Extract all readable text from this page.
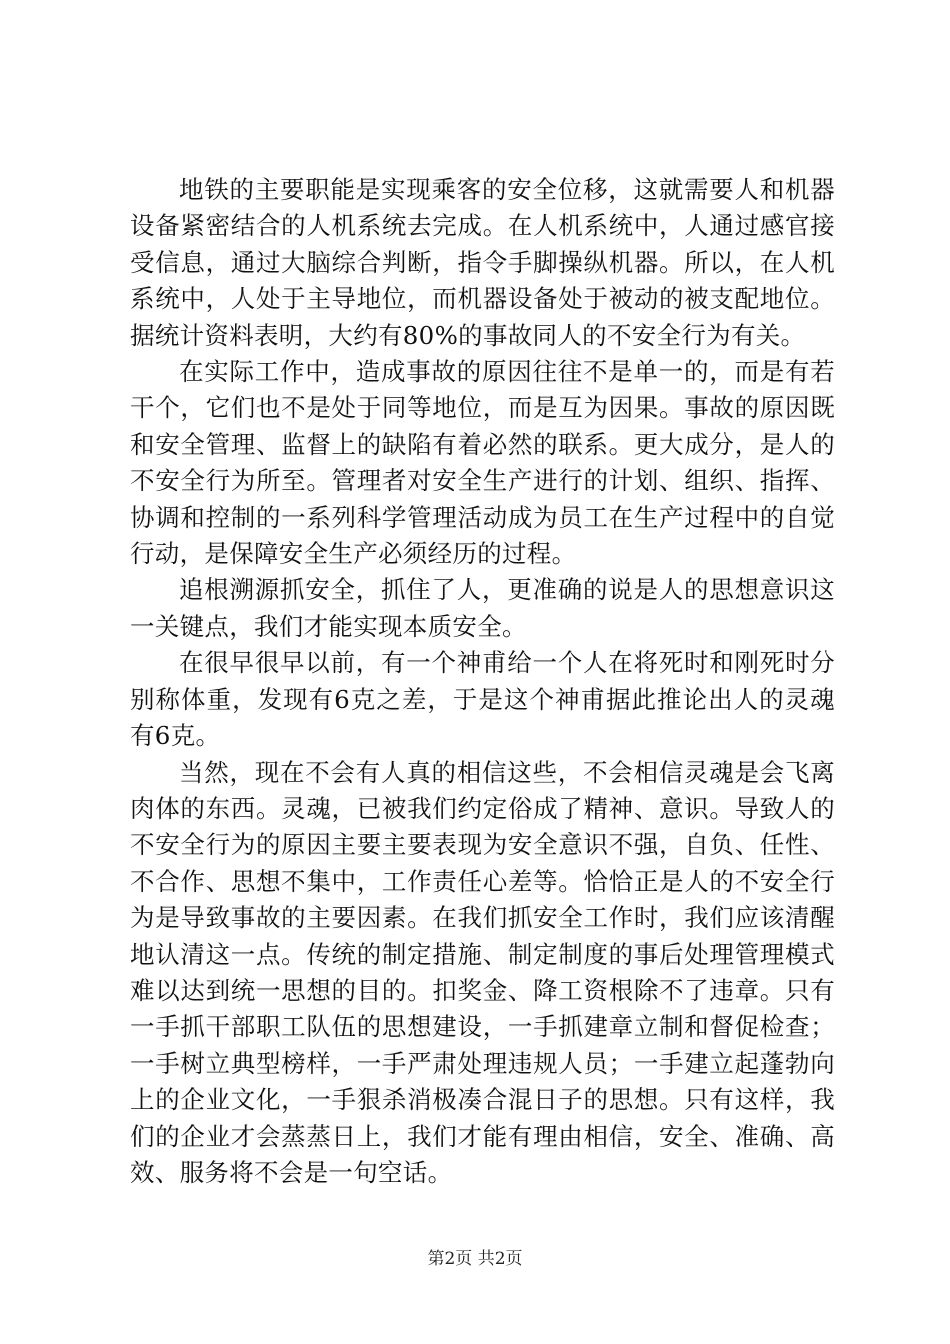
地铁的主要职能是实现乘客的安全位移，这就需要人和机器设备紧密结合的人机系统去完成。在人机系统中，人通过感官接受信息，通过大脑综合判断，指令手脚操纵机器。所以，在人机系统中，人处于主导地位，而机器设备处于被动的被支配地位。据统计资料表明，大约有80%的事故同人的不安全行为有关。

在实际工作中，造成事故的原因往往不是单一的，而是有若干个，它们也不是处于同等地位，而是互为因果。事故的原因既和安全管理、监督上的缺陷有着必然的联系。更大成分，是人的不安全行为所至。管理者对安全生产进行的计划、组织、指挥、协调和控制的一系列科学管理活动成为员工在生产过程中的自觉行动，是保障安全生产必须经历的过程。

追根溯源抓安全，抓住了人，更准确的说是人的思想意识这一关键点，我们才能实现本质安全。

在很早很早以前，有一个神甫给一个人在将死时和刚死时分别称体重，发现有6克之差，于是这个神甫据此推论出人的灵魂有6克。

当然，现在不会有人真的相信这些，不会相信灵魂是会飞离肉体的东西。灵魂，已被我们约定俗成了精神、意识。导致人的不安全行为的原因主要主要表现为安全意识不强，自负、任性、不合作、思想不集中，工作责任心差等。恰恰正是人的不安全行为是导致事故的主要因素。在我们抓安全工作时，我们应该清醒地认清这一点。传统的制定措施、制定制度的事后处理管理模式难以达到统一思想的目的。扣奖金、降工资根除不了违章。只有一手抓干部职工队伍的思想建设，一手抓建章立制和督促检查；一手树立典型榜样，一手严肃处理违规人员；一手建立起蓬勃向上的企业文化，一手狠杀消极凑合混日子的思想。只有这样，我们的企业才会蒸蒸日上，我们才能有理由相信，安全、准确、高效、服务将不会是一句空话。

第2页 共2页
